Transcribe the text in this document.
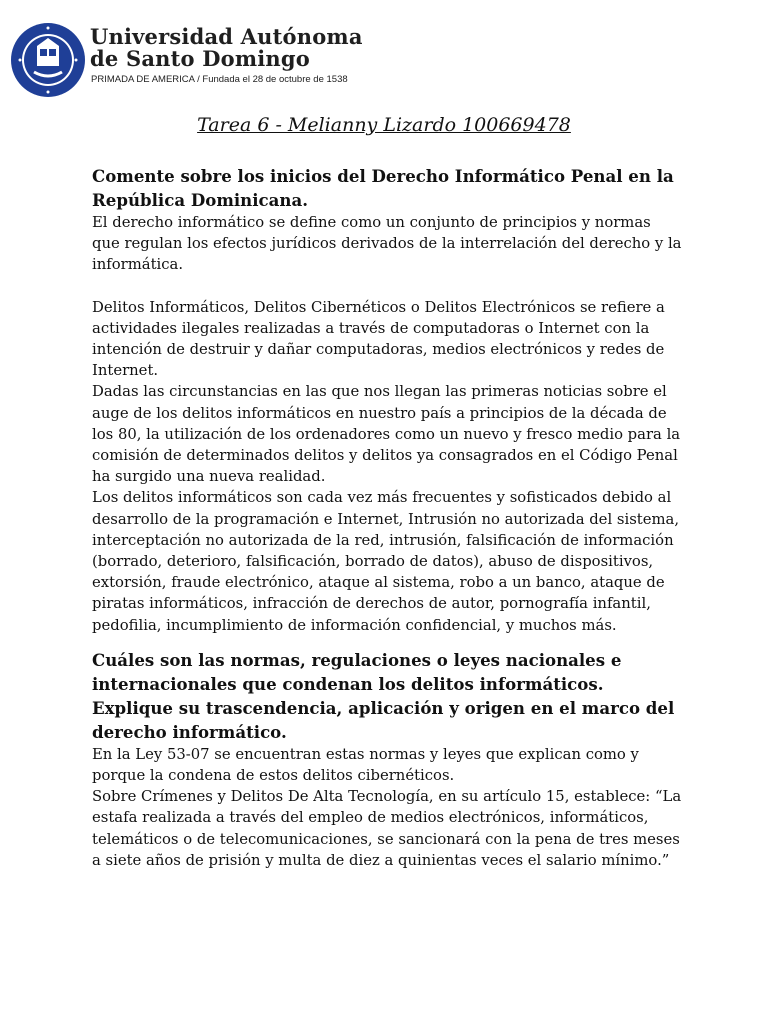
Universidad Autónoma
de Santo Domingo
PRIMADA DE AMERICA / Fundada el 28 de octubre de 1538
Tarea 6 - Melianny Lizardo 100669478

Comente sobre los inicios del Derecho Informático Penal en la República Dominicana.

El derecho informático se define como un conjunto de principios y normas que regulan los efectos jurídicos derivados de la interrelación del derecho y la informática.

Delitos Informáticos, Delitos Cibernéticos o Delitos Electrónicos se refiere a actividades ilegales realizadas a través de computadoras o Internet con la intención de destruir y dañar computadoras, medios electrónicos y redes de Internet.

Dadas las circunstancias en las que nos llegan las primeras noticias sobre el auge de los delitos informáticos en nuestro país a principios de la década de los 80, la utilización de los ordenadores como un nuevo y fresco medio para la comisión de determinados delitos y delitos ya consagrados en el Código Penal ha surgido una nueva realidad.

Los delitos informáticos son cada vez más frecuentes y sofisticados debido al desarrollo de la programación e Internet, Intrusión no autorizada del sistema, interceptación no autorizada de la red, intrusión, falsificación de información (borrado, deterioro, falsificación, borrado de datos), abuso de dispositivos, extorsión, fraude electrónico, ataque al sistema, robo a un banco, ataque de piratas informáticos, infracción de derechos de autor, pornografía infantil, pedofilia, incumplimiento de información confidencial, y muchos más.

Cuáles son las normas, regulaciones o leyes nacionales e internacionales que condenan los delitos informáticos. Explique su trascendencia, aplicación y origen en el marco del derecho informático.

En la Ley 53-07 se encuentran estas normas y leyes que explican como y porque la condena de estos delitos cibernéticos.

Sobre Crímenes y Delitos De Alta Tecnología, en su artículo 15, establece: “La estafa realizada a través del empleo de medios electrónicos, informáticos, telemáticos o de telecomunicaciones, se sancionará con la pena de tres meses a siete años de prisión y multa de diez a quinientas veces el salario mínimo.”
